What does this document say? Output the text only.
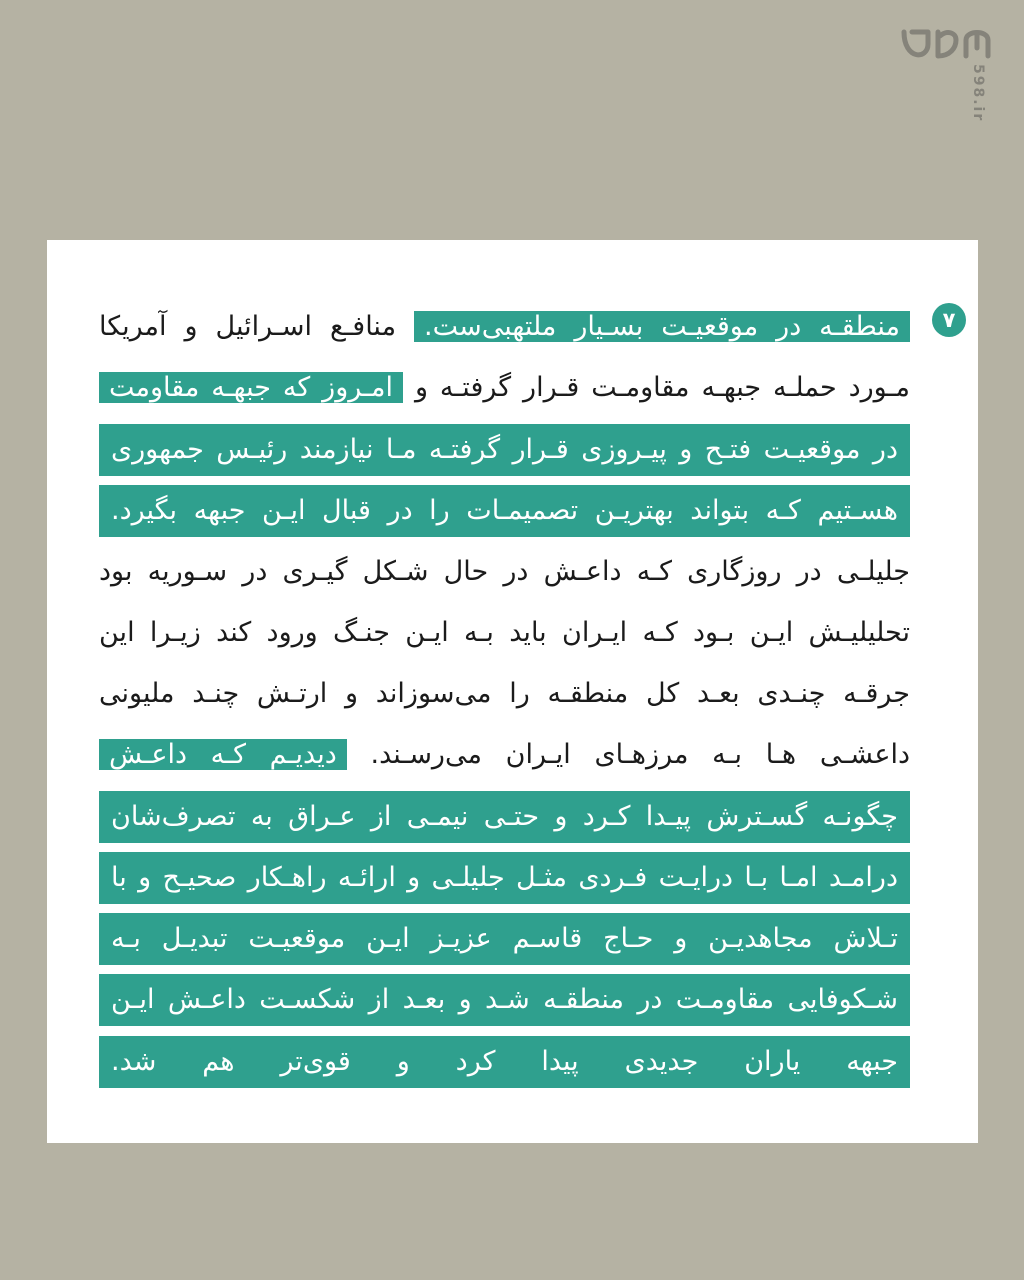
598.ir
۷
منطقـه در موقعیـت بسـیار ملتهبی‌ست. منافـع اسـرائیل و آمریکا
مـورد حملـه جبهـه مقاومـت قـرار گرفتـه و امـروز که جبهـه مقاومت
در موقعیـت فتـح و پیـروزی قـرار گرفتـه مـا نیازمند رئیـس جمهوری
هسـتیم کـه بتواند بهتریـن تصمیمـات را در قبال ایـن جبهه بگیرد.
جلیلـی در روزگاری کـه داعـش در حال شـکل گیـری در سـوریه بود
تحلیلیـش ایـن بـود کـه ایـران باید بـه ایـن جنـگ ورود کند زیـرا این
جرقـه چنـدی بعـد کل منطقـه را می‌سوزاند و ارتـش چنـد ملیونی
داعشـی هـا بـه مرزهـای ایـران می‌رسـند. دیدیـم کـه داعـش
چگونـه گسـترش پیـدا کـرد و حتـی نیمـی از عـراق به تصرف‌شان
درامـد امـا بـا درایـت فـردی مثـل جلیلـی و ارائـه راهـکار صحیـح و با
تـلاش مجاهدیـن و حـاج قاسـم عزیـز ایـن موقعیـت تبدیـل بـه
شـکوفایی مقاومـت در منطقـه شـد و بعـد از شکسـت داعـش ایـن
جبهه یاران جدیدی پیدا کرد و قوی‌تر هم شد.
